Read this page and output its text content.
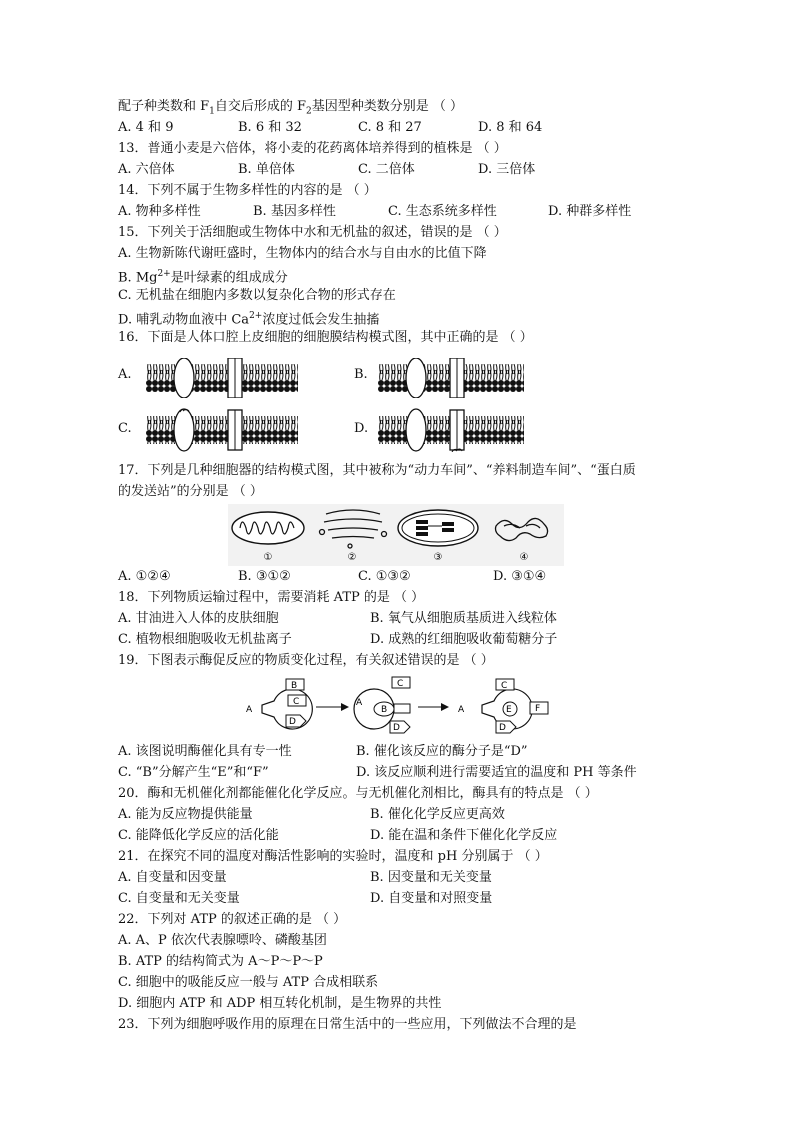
配子种类数和 $F_1$自交后形成的 $F_2$基因型种类数分别是 （ ）
A. 4 和 9	B. 6 和 32	C. 8 和 27	D. 8 和 64
13．普通小麦是六倍体，将小麦的花药离体培养得到的植株是 （ ）
A. 六倍体	B. 单倍体	C. 二倍体	D. 三倍体
14．下列不属于生物多样性的内容的是 （ ）
A. 物种多样性	B. 基因多样性	C. 生态系统多样性	D. 种群多样性
15．下列关于活细胞或生物体中水和无机盐的叙述，错误的是 （ ）
A. 生物新陈代谢旺盛时，生物体内的结合水与自由水的比值下降
B. $Mg^{2+}$是叶绿素的组成成分
C. 无机盐在细胞内多数以复杂化合物的形式存在
D. 哺乳动物血液中 $Ca^{2+}$浓度过低会发生抽搐
16．下面是人体口腔上皮细胞的细胞膜结构模式图，其中正确的是 （ ）
A.	B.
C.	D.
17．下列是几种细胞器的结构模式图，其中被称为“动力车间”、“养料制造车间”、“蛋白质
的发送站”的分别是 （ ）
①	②	③	④
A. ①②④	B. ③①②	C. ①③②	D. ③①④
18．下列物质运输过程中，需要消耗 ATP 的是 （ ）
A. 甘油进入人体的皮肤细胞	B. 氧气从细胞质基质进入线粒体
C. 植物根细胞吸收无机盐离子	D. 成熟的红细胞吸收葡萄糖分子
19．下图表示酶促反应的物质变化过程，有关叙述错误的是 （ ）
A
B
C
D
A
B
C
D
A
C
E	F
D
A. 该图说明酶催化具有专一性	B. 催化该反应的酶分子是“D”
C. “B”分解产生“E”和“F”	D. 该反应顺利进行需要适宜的温度和 PH 等条件
20．酶和无机催化剂都能催化化学反应。与无机催化剂相比，酶具有的特点是 （ ）
A. 能为反应物提供能量	B. 催化化学反应更高效
C. 能降低化学反应的活化能	D. 能在温和条件下催化化学反应
21．在探究不同的温度对酶活性影响的实验时，温度和 pH 分别属于 （ ）
A. 自变量和因变量	B. 因变量和无关变量
C. 自变量和无关变量	D. 自变量和对照变量
22．下列对 ATP 的叙述正确的是 （ ）
A. A、P 依次代表腺嘌呤、磷酸基团
B. ATP 的结构简式为 A～P～P～P
C. 细胞中的吸能反应一般与 ATP 合成相联系
D. 细胞内 ATP 和 ADP 相互转化机制，是生物界的共性
23．下列为细胞呼吸作用的原理在日常生活中的一些应用，下列做法不合理的是
